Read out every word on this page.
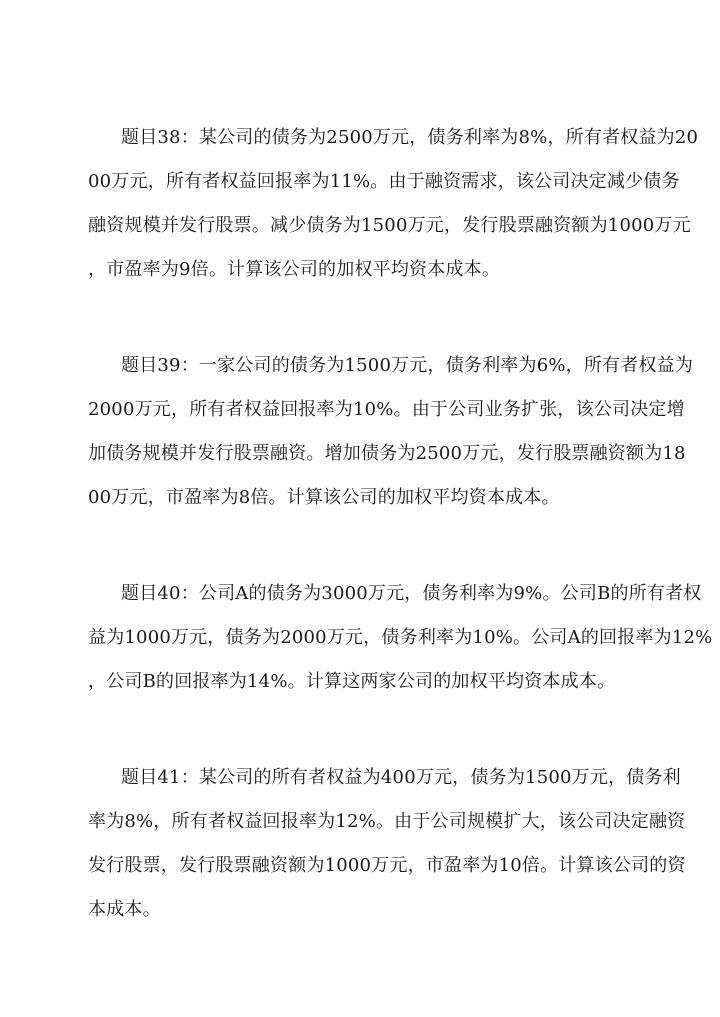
题目38：某公司的债务为2500万元，债务利率为8%，所有者权益为20
00万元，所有者权益回报率为11%。由于融资需求，该公司决定减少债务
融资规模并发行股票。减少债务为1500万元，发行股票融资额为1000万元
，市盈率为9倍。计算该公司的加权平均资本成本。
题目39：一家公司的债务为1500万元，债务利率为6%，所有者权益为
2000万元，所有者权益回报率为10%。由于公司业务扩张，该公司决定增
加债务规模并发行股票融资。增加债务为2500万元，发行股票融资额为18
00万元，市盈率为8倍。计算该公司的加权平均资本成本。
题目40：公司A的债务为3000万元，债务利率为9%。公司B的所有者权
益为1000万元，债务为2000万元，债务利率为10%。公司A的回报率为12%
，公司B的回报率为14%。计算这两家公司的加权平均资本成本。
题目41：某公司的所有者权益为400万元，债务为1500万元，债务利
率为8%，所有者权益回报率为12%。由于公司规模扩大，该公司决定融资
发行股票，发行股票融资额为1000万元，市盈率为10倍。计算该公司的资
本成本。
